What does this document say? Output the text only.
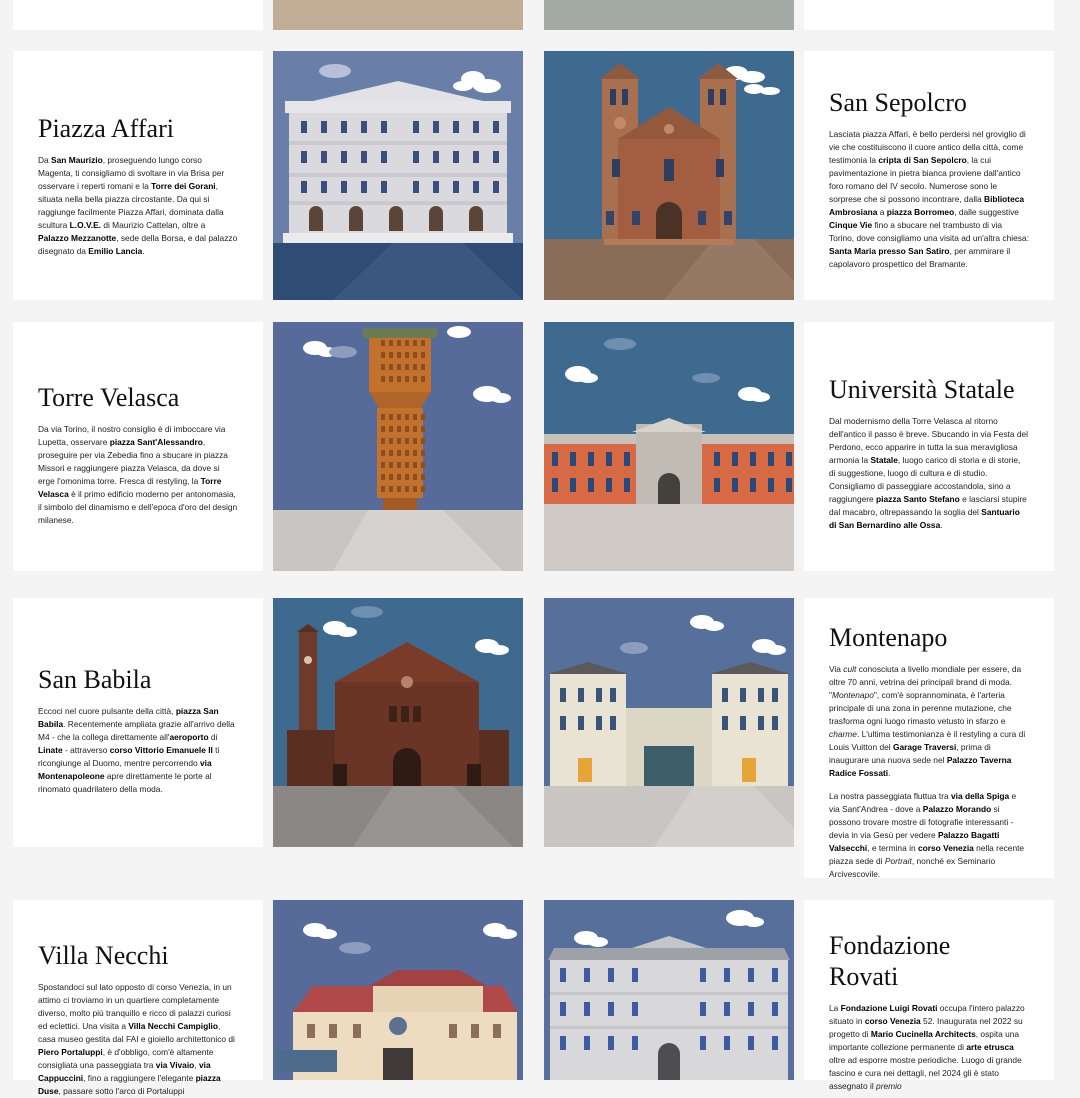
Piazza Affari

Da San Maurizio, proseguendo lungo corso Magenta, ti consigliamo di svoltare in via Brisa per osservare i reperti romani e la Torre dei Gorani, situata nella bella piazza circostante. Da qui si raggiunge facilmente Piazza Affari, dominata dalla scultura L.O.V.E. di Maurizio Cattelan, oltre a Palazzo Mezzanotte, sede della Borsa, e dal palazzo disegnato da Emilio Lancia.

San Sepolcro

Lasciata piazza Affari, è bello perdersi nel groviglio di vie che costituiscono il cuore antico della città, come testimonia la cripta di San Sepolcro, la cui pavimentazione in pietra bianca proviene dall'antico foro romano del IV secolo. Numerose sono le sorprese che si possono incontrare, dalla Biblioteca Ambrosiana a piazza Borromeo, dalle suggestive Cinque Vie fino a sbucare nel trambusto di via Torino, dove consigliamo una visita ad un'altra chiesa: Santa Maria presso San Satiro, per ammirare il capolavoro prospettico del Bramante.

Torre Velasca

Da via Torino, il nostro consiglio è di imboccare via Lupetta, osservare piazza Sant'Alessandro, proseguire per via Zebedia fino a sbucare in piazza Missori e raggiungere piazza Velasca, da dove si erge l'omonima torre. Fresca di restyling, la Torre Velasca è il primo edificio moderno per antonomasia, il simbolo del dinamismo e dell'epoca d'oro del design milanese.

Università Statale

Dal modernismo della Torre Velasca al ritorno dell'antico il passo è breve. Sbucando in via Festa del Perdono, ecco apparire in tutta la sua meravigliosa armonia la Statale, luogo carico di storia e di storie, di suggestione, luogo di cultura e di studio. Consigliamo di passeggiare accostandola, sino a raggiungere piazza Santo Stefano e lasciarsi stupire dal macabro, oltrepassando la soglia del Santuario di San Bernardino alle Ossa.

San Babila

Eccoci nel cuore pulsante della città, piazza San Babila. Recentemente ampliata grazie all'arrivo della M4 - che la collega direttamente all'aeroporto di Linate - attraverso corso Vittorio Emanuele II ti ricongiunge al Duomo, mentre percorrendo via Montenapoleone apre direttamente le porte al rinomato quadrilatero della moda.

Montenapo

Via cult conosciuta a livello mondiale per essere, da oltre 70 anni, vetrina dei principali brand di moda. "Montenapo", com'è soprannominata, è l'arteria principale di una zona in perenne mutazione, che trasforma ogni luogo rimasto vetusto in sfarzo e charme. L'ultima testimonianza è il restyling a cura di Louis Vuitton del Garage Traversi, prima di inaugurare una nuova sede nel Palazzo Taverna Radice Fossati.

La nostra passeggiata fluttua tra via della Spiga e via Sant'Andrea - dove a Palazzo Morando si possono trovare mostre di fotografie interessanti - devia in via Gesù per vedere Palazzo Bagatti Valsecchi, e termina in corso Venezia nella recente piazza sede di Portrait, nonché ex Seminario Arcivescovile.

Villa Necchi

Spostandoci sul lato opposto di corso Venezia, in un attimo ci troviamo in un quartiere completamente diverso, molto più tranquillo e ricco di palazzi curiosi ed eclettici. Una visita a Villa Necchi Campiglio, casa museo gestita dal FAI e gioiello architettonico di Piero Portaluppi, è d'obbligo, com'è altamente consigliata una passeggiata tra via Vivaio, via Cappuccini, fino a raggiungere l'elegante piazza Duse, passare sotto l'arco di Portaluppi

Fondazione Rovati

La Fondazione Luigi Rovati occupa l'intero palazzo situato in corso Venezia 52. Inaugurata nel 2022 su progetto di Mario Cucinella Architects, ospita una importante collezione permanente di arte etrusca oltre ad esporre mostre periodiche. Luogo di grande fascino e cura nei dettagli, nel 2024 gli è stato assegnato il premio
